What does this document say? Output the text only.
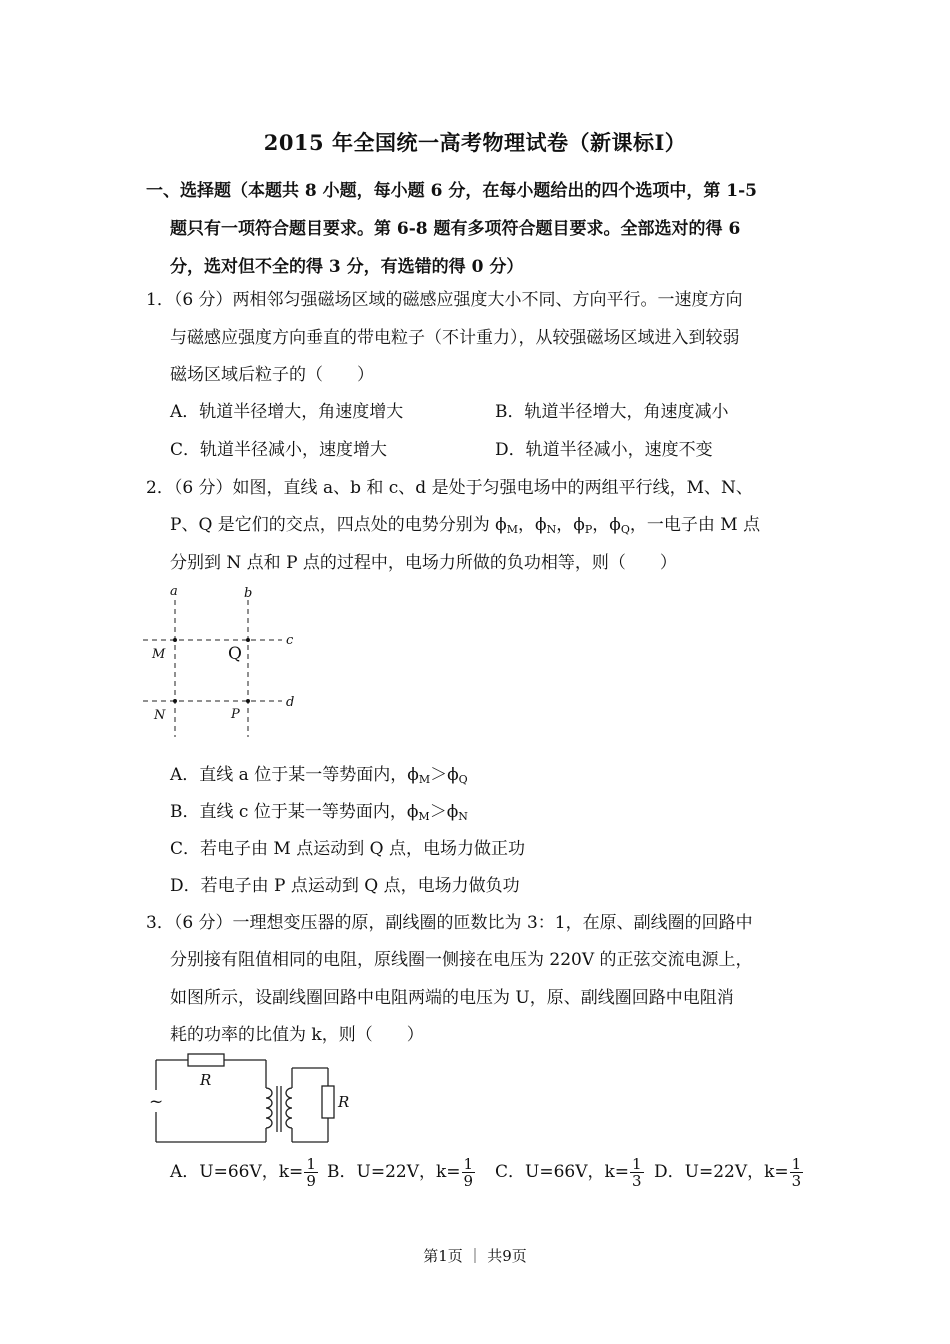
2015 年全国统一高考物理试卷（新课标Ⅰ）
一、选择题（本题共 8 小题，每小题 6 分，在每小题给出的四个选项中，第 1-5
题只有一项符合题目要求。第 6-8 题有多项符合题目要求。全部选对的得 6
分，选对但不全的得 3 分，有选错的得 0 分）
1．（6 分）两相邻匀强磁场区域的磁感应强度大小不同、方向平行。一速度方向
与磁感应强度方向垂直的带电粒子（不计重力），从较强磁场区域进入到较弱
磁场区域后粒子的（　　）
A．轨道半径增大，角速度增大	B．轨道半径增大，角速度减小
C．轨道半径减小，速度增大	D．轨道半径减小，速度不变
2．（6 分）如图，直线 a、b 和 c、d 是处于匀强电场中的两组平行线，M、N、
P、Q 是它们的交点，四点处的电势分别为 $\phi_M$，$\phi_N$，$\phi_P$，$\phi_Q$，一电子由 M 点
分别到 N 点和 P 点的过程中，电场力所做的负功相等，则（　　）
a	b
c
d
M
N	P
Q
A．直线 a 位于某一等势面内，$\phi_M>\phi_Q$
B．直线 c 位于某一等势面内，$\phi_M>\phi_N$
C．若电子由 M 点运动到 Q 点，电场力做正功
D．若电子由 P 点运动到 Q 点，电场力做负功
3．（6 分）一理想变压器的原，副线圈的匝数比为 3：1，在原、副线圈的回路中
分别接有阻值相同的电阻，原线圈一侧接在电压为 220V 的正弦交流电源上，
如图所示，设副线圈回路中电阻两端的电压为 U，原、副线圈回路中电阻消
耗的功率的比值为 k，则（　　）
~
R
R
A．U=66V，$k= \frac{1}{9}$ B．U=22V，$k= \frac{1}{9}$ C．U=66V，$k= \frac{1}{3}$ D．U=22V，$k= \frac{1}{3}$
第1页 ｜ 共9页
